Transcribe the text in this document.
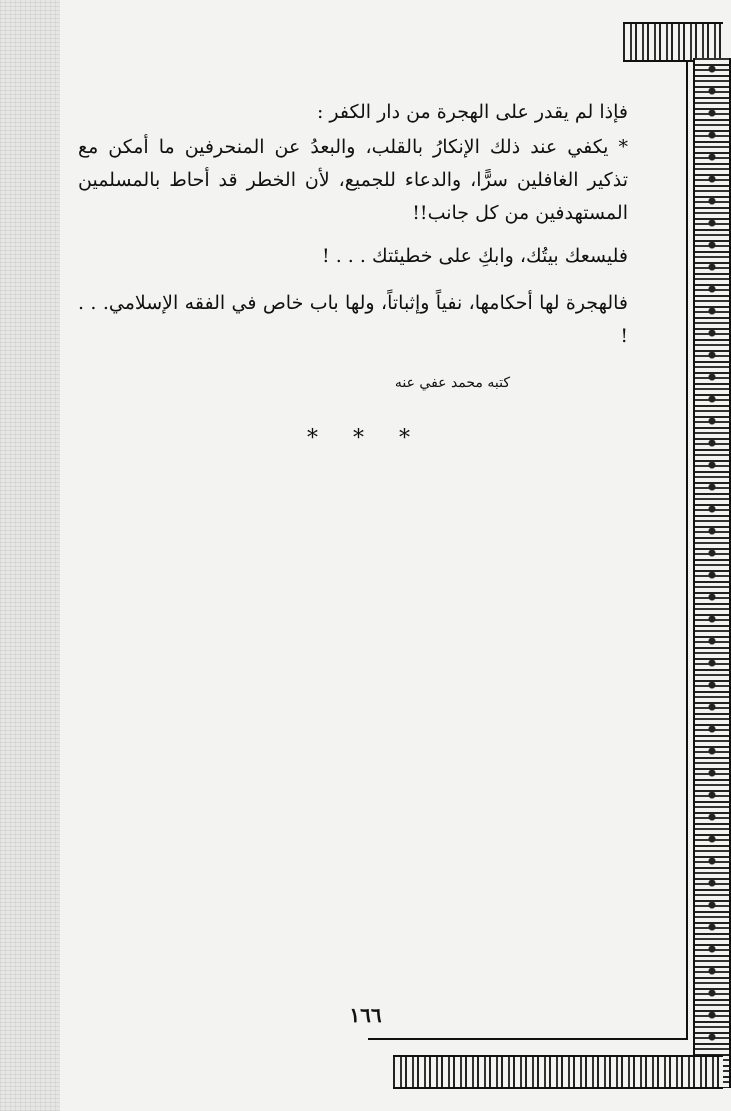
فإذا لم يقدر على الهجرة من دار الكفر :

* يكفي عند ذلك الإنكارُ بالقلب، والبعدُ عن المنحرفين ما أمكن مع تذكير الغافلين سرًّا، والدعاء للجميع، لأن الخطر قد أحاط بالمسلمين المستهدفين من كل جانب!!

فليسعك بيتُك، وابكِ على خطيئتك . . . !

فالهجرة لها أحكامها، نفياً وإثباتاً، ولها باب خاص في الفقه الإسلامي. . . !

كتبه محمد عفي عنه

* * *
١٦٦
